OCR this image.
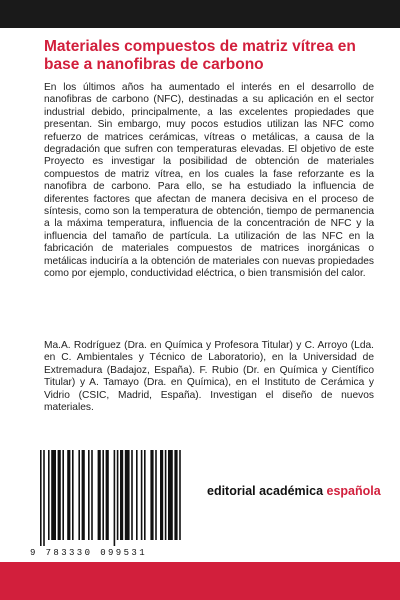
Materiales compuestos de matriz vítrea en base a nanofibras de carbono

En los últimos años ha aumentado el interés en el desarrollo de nanofibras de carbono (NFC), destinadas a su aplicación en el sector industrial debido, principalmente, a las excelentes propiedades que presentan. Sin embargo, muy pocos estudios utilizan las NFC como refuerzo de matrices cerámicas, vítreas o metálicas, a causa de la degradación que sufren con temperaturas elevadas. El objetivo de este Proyecto es investigar la posibilidad de obtención de materiales compuestos de matriz vítrea, en los cuales la fase reforzante es la nanofibra de carbono. Para ello, se ha estudiado la influencia de diferentes factores que afectan de manera decisiva en el proceso de síntesis, como son la temperatura de obtención, tiempo de permanencia a la máxima temperatura, influencia de la concentración de NFC y la influencia del tamaño de partícula. La utilización de las NFC en la fabricación de materiales compuestos de matrices inorgánicas o metálicas induciría a la obtención de materiales con nuevas propiedades como por ejemplo, conductividad eléctrica, o bien transmisión del calor.

Ma.A. Rodríguez (Dra. en Química y Profesora Titular) y C. Arroyo (Lda. en C. Ambientales y Técnico de Laboratorio), en la Universidad de Extremadura (Badajoz, España). F. Rubio (Dr. en Química y Científico Titular) y A. Tamayo (Dra. en Química), en el Instituto de Cerámica y Vidrio (CSIC, Madrid, España). Investigan el diseño de nuevos materiales.

9 783330 099531
editorial académica española
